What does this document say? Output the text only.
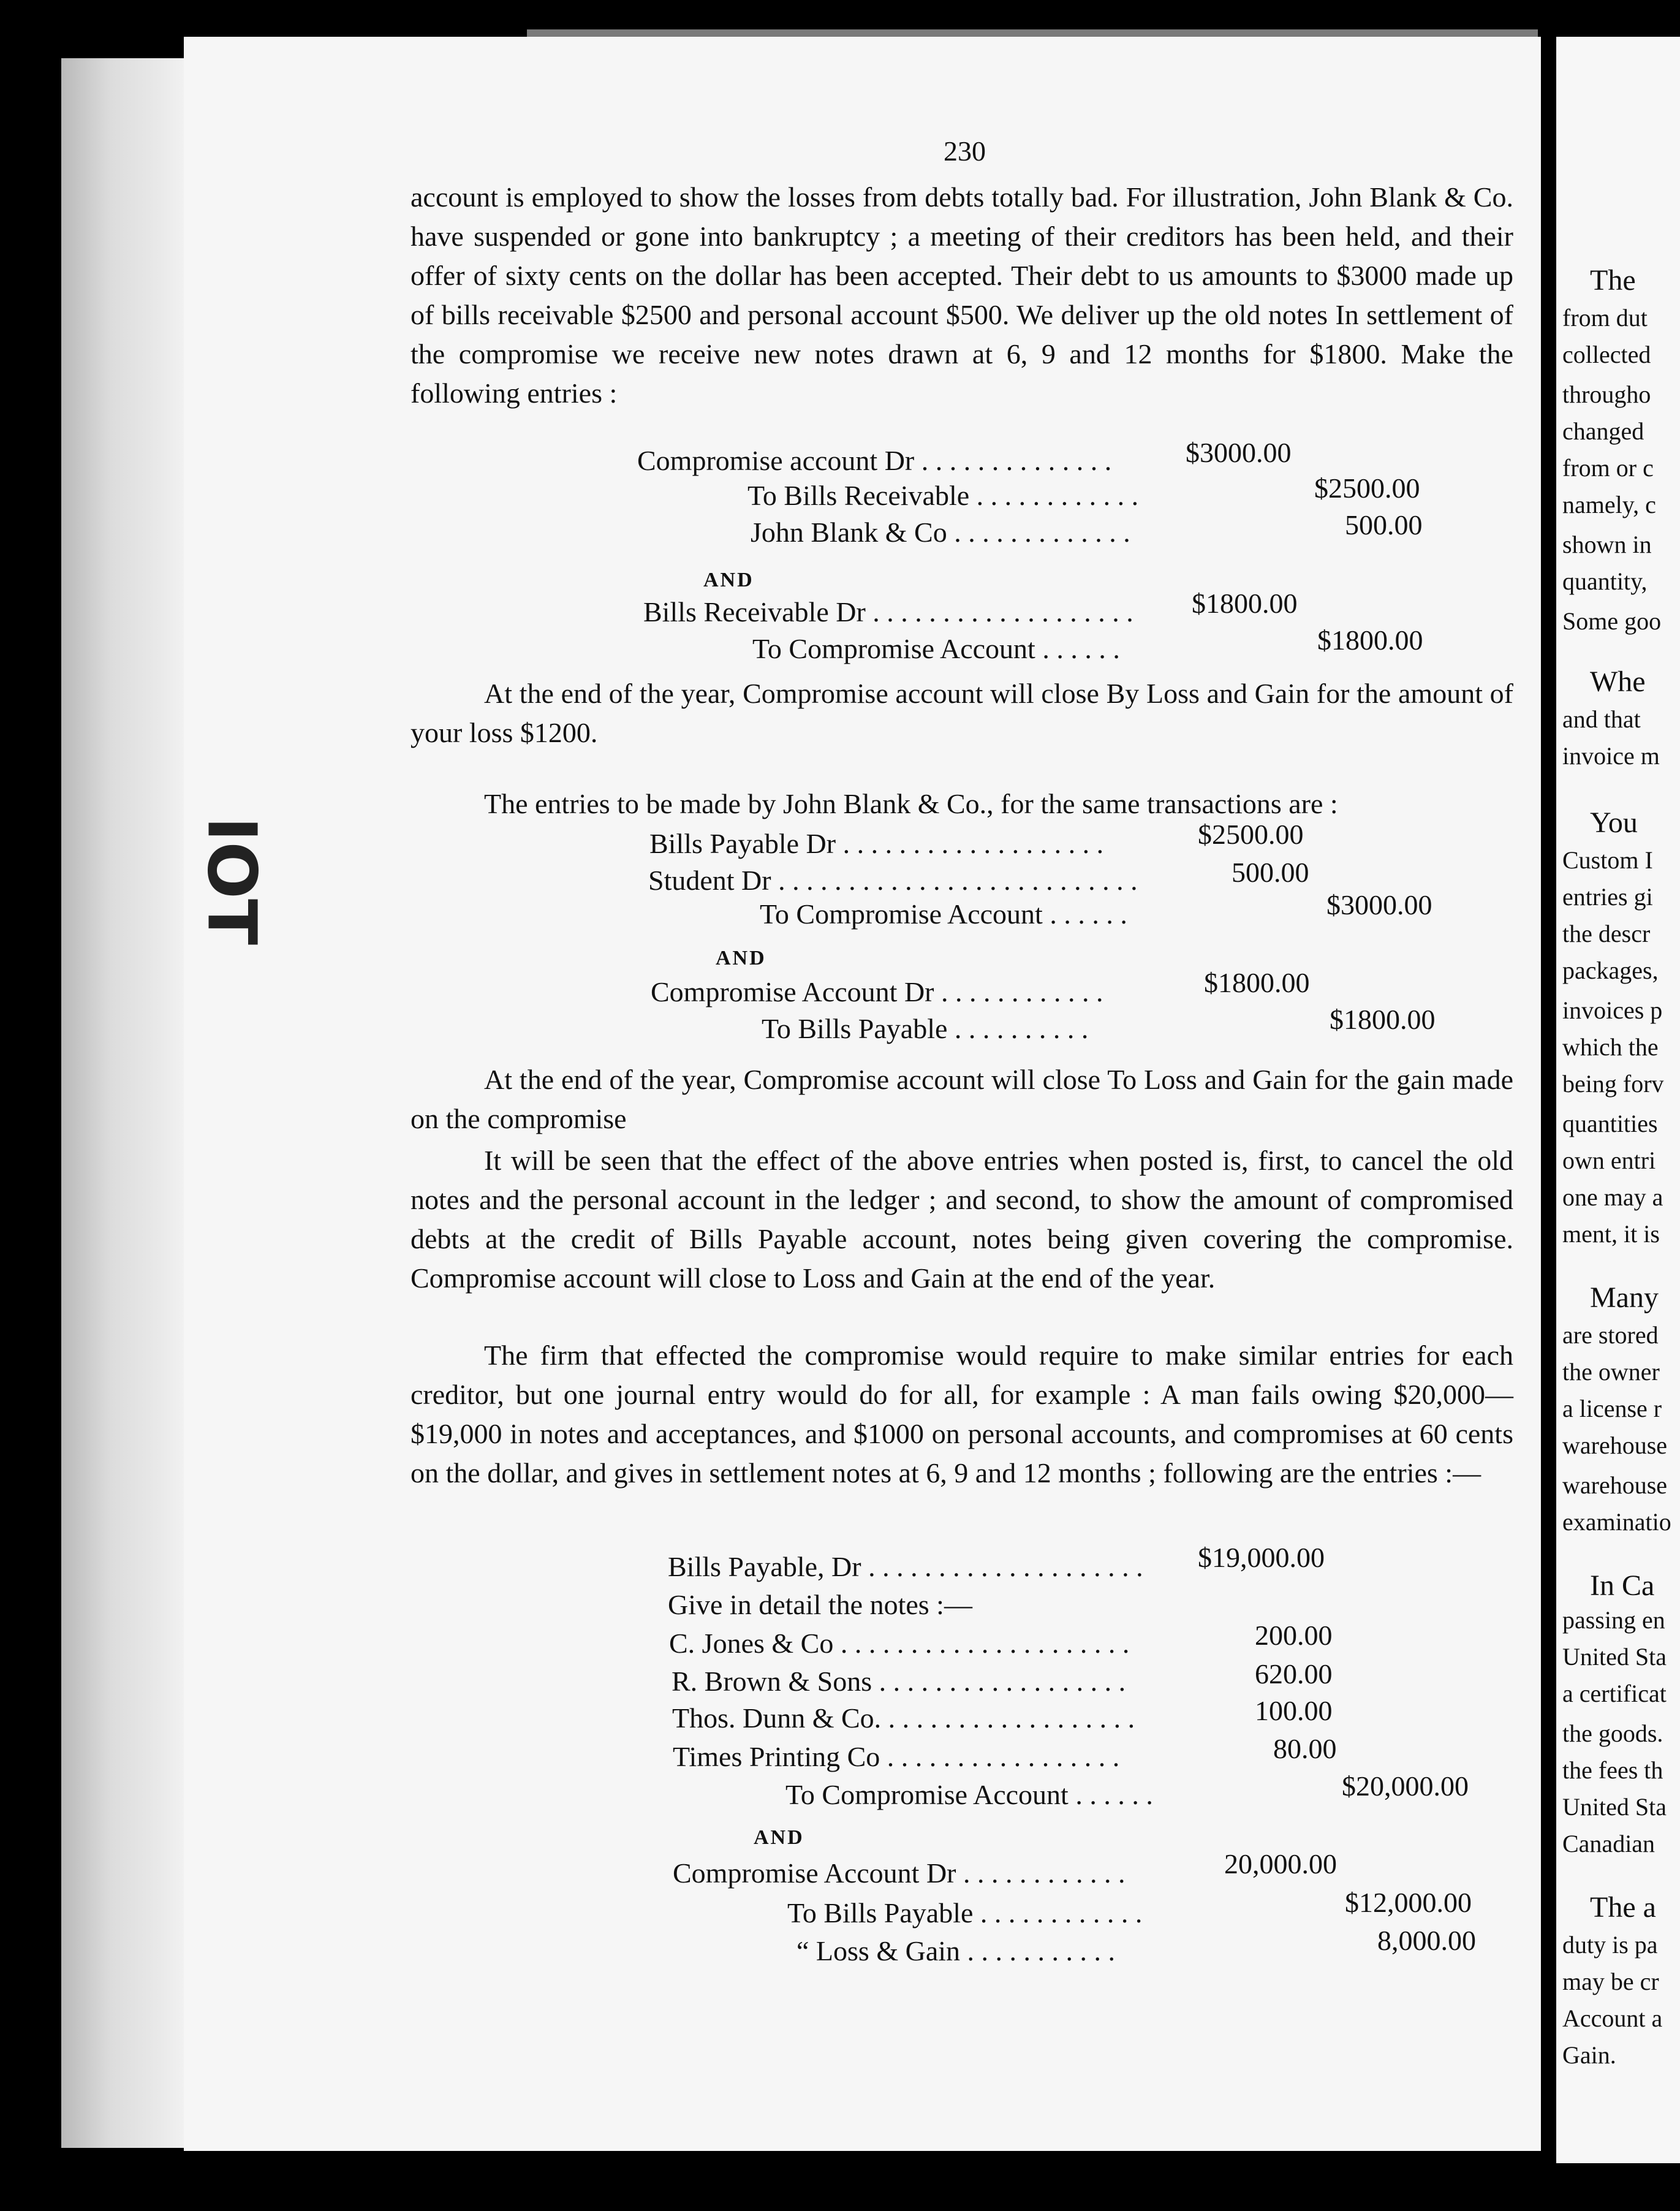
230
account is employed to show the losses from debts totally bad. For illustration, John Blank & Co. have suspended or gone into bankruptcy ; a meeting of their creditors has been held, and their offer of sixty cents on the dollar has been accepted. Their debt to us amounts to $3000 made up of bills receivable $2500 and personal account $500. We deliver up the old notes In settlement of the compromise we receive new notes drawn at 6, 9 and 12 months for $1800. Make the following entries :
Compromise account Dr . . . . . . . . . . . . . .	$3000.00
To Bills Receivable . . . . . . . . . . . .	$2500.00
John Blank & Co . . . . . . . . . . . . .	500.00
AND
Bills Receivable Dr . . . . . . . . . . . . . . . . . . . $1800.00
To Compromise Account . . . . . .	$1800.00
At the end of the year, Compromise account will close By Loss and Gain for the amount of your loss $1200.
The entries to be made by John Blank & Co., for the same transactions are :
Bills Payable Dr . . . . . . . . . . . . . . . . . . .	$2500.00
Student Dr . . . . . . . . . . . . . . . . . . . . . . . . . .	500.00
To Compromise Account . . . . . .	$3000.00
AND
Compromise Account Dr . . . . . . . . . . . .	$1800.00
To Bills Payable . . . . . . . . . .	$1800.00
At the end of the year, Compromise account will close To Loss and Gain for the gain made on the compromise
It will be seen that the effect of the above entries when posted is, first, to cancel the old notes and the personal account in the ledger ; and second, to show the amount of compromised debts at the credit of Bills Payable account, notes being given covering the compromise. Compromise account will close to Loss and Gain at the end of the year.
The firm that effected the compromise would require to make similar entries for each creditor, but one journal entry would do for all, for example : A man fails owing $20,000—$19,000 in notes and acceptances, and $1000 on personal accounts, and compromises at 60 cents on the dollar, and gives in settlement notes at 6, 9 and 12 months ; following are the entries :—
Bills Payable, Dr . . . . . . . . . . . . . . . . . . . . $19,000.00
Give in detail the notes :—
C. Jones & Co . . . . . . . . . . . . . . . . . . . . .	200.00
R. Brown & Sons . . . . . . . . . . . . . . . . . .	620.00
Thos. Dunn & Co. . . . . . . . . . . . . . . . . . .	100.00
Times Printing Co . . . . . . . . . . . . . . . . .	80.00
To Compromise Account . . . . . .	$20,000.00
AND
Compromise Account Dr . . . . . . . . . . . .	20,000.00
To Bills Payable . . . . . . . . . . . .	$12,000.00
“ Loss & Gain . . . . . . . . . . .	8,000.00
The
from dut
collected
througho
changed
from or c
namely, c
shown in
quantity,
Some goo
Whe
and that
invoice m
You
Custom I
entries gi
the descr
packages,
invoices p
which the
being forv
quantities
own entri
one may a
ment, it is
Many
are stored
the owner
a license r
warehouse
warehouse
examinatio
In Ca
passing en
United Sta
a certificat
the goods.
the fees th
United Sta
Canadian
The a
duty is pa
may be cr
Account a
Gain.
